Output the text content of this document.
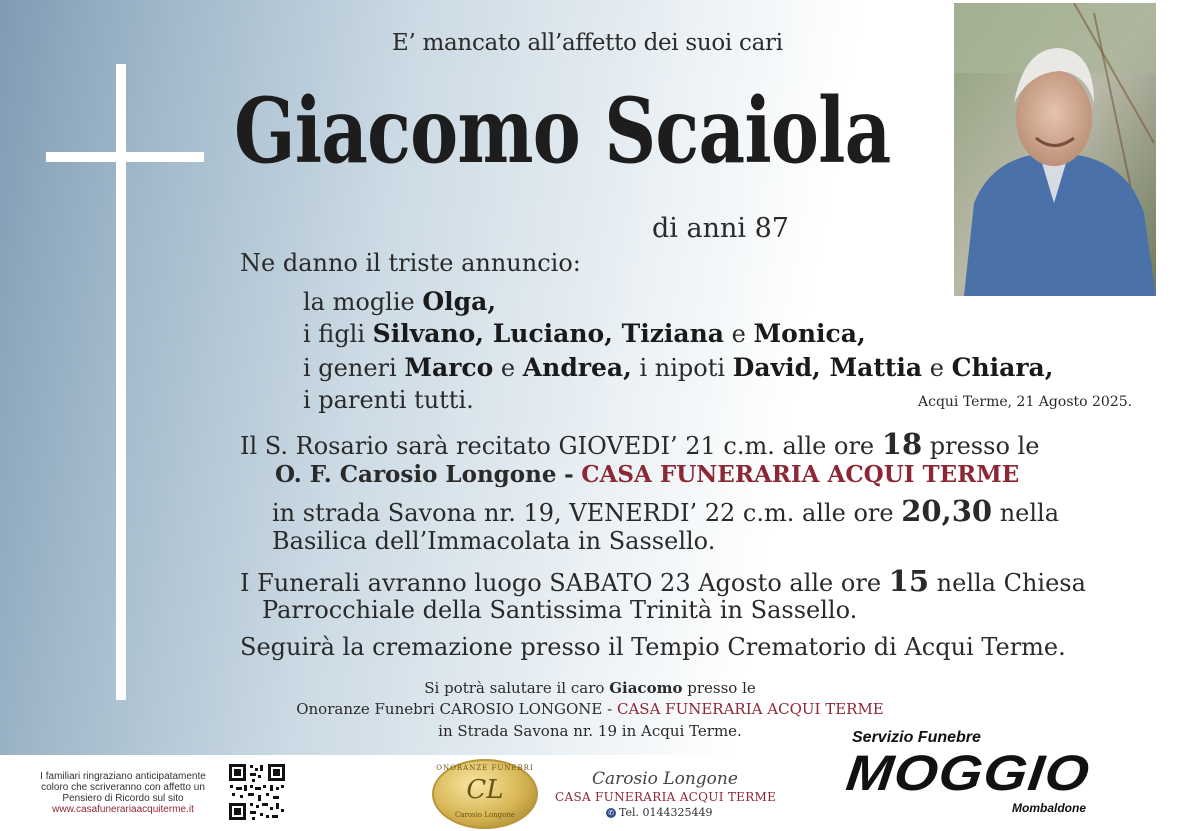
E’ mancato all’affetto dei suoi cari
Giacomo Scaiola
di anni 87
Ne danno il triste annuncio:
la moglie Olga,
i figli Silvano, Luciano, Tiziana e Monica,
i generi Marco e Andrea, i nipoti David, Mattia e Chiara,
i parenti tutti.	Acqui Terme, 21 Agosto 2025.
Il S. Rosario sarà recitato GIOVEDI’ 21 c.m. alle ore 18 presso le
O. F. Carosio Longone - CASA FUNERARIA ACQUI TERME
in strada Savona nr. 19, VENERDI’ 22 c.m. alle ore 20,30 nella
Basilica dell’Immacolata in Sassello.
I Funerali avranno luogo SABATO 23 Agosto alle ore 15 nella Chiesa
Parrocchiale della Santissima Trinità in Sassello.
Seguirà la cremazione presso il Tempio Crematorio di Acqui Terme.
Si potrà salutare il caro Giacomo presso le
Onoranze Funebri CAROSIO LONGONE - CASA FUNERARIA ACQUI TERME
in Strada Savona nr. 19 in Acqui Terme.
I familiari ringraziano anticipatamente coloro che scriveranno con affetto un Pensiero di Ricordo sul sito
www.casafunerariaacquiterme.it
ONORANZE FUNEBRI
CL
Carosio Longone
Carosio Longone
CASA FUNERARIA ACQUI TERME
✆ Tel. 0144325449
Servizio Funebre
MOGGIO
Mombaldone
